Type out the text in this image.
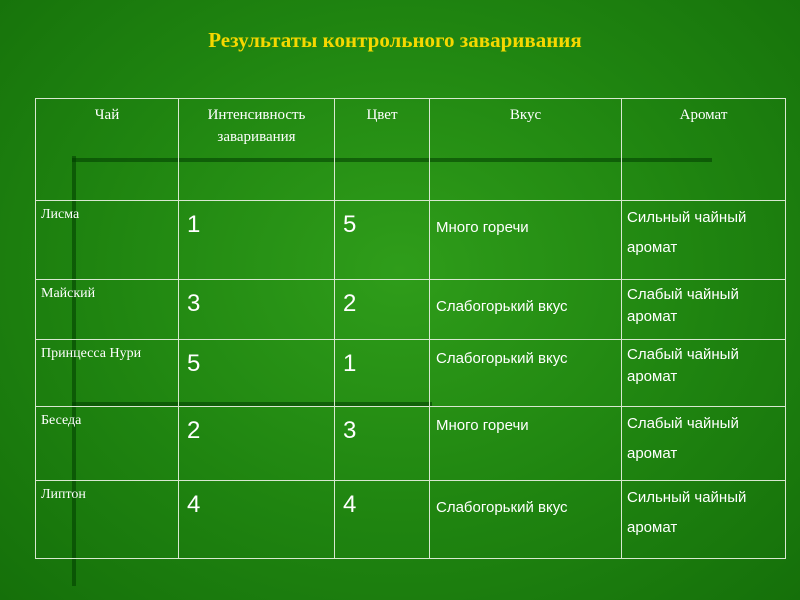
Результаты контрольного заваривания
Чай	Интенсивность заваривания	Цвет	Вкус	Аромат
Лисма	1	5	Много горечи	Сильный чайный аромат
Майский	3	2	Слабогорький вкус	Слабый чайный аромат
Принцесса Нури	5	1	Слабогорький вкус	Слабый чайный аромат
Беседа	2	3	Много горечи	Слабый чайный аромат
Липтон	4	4	Слабогорький вкус	Сильный чайный аромат
